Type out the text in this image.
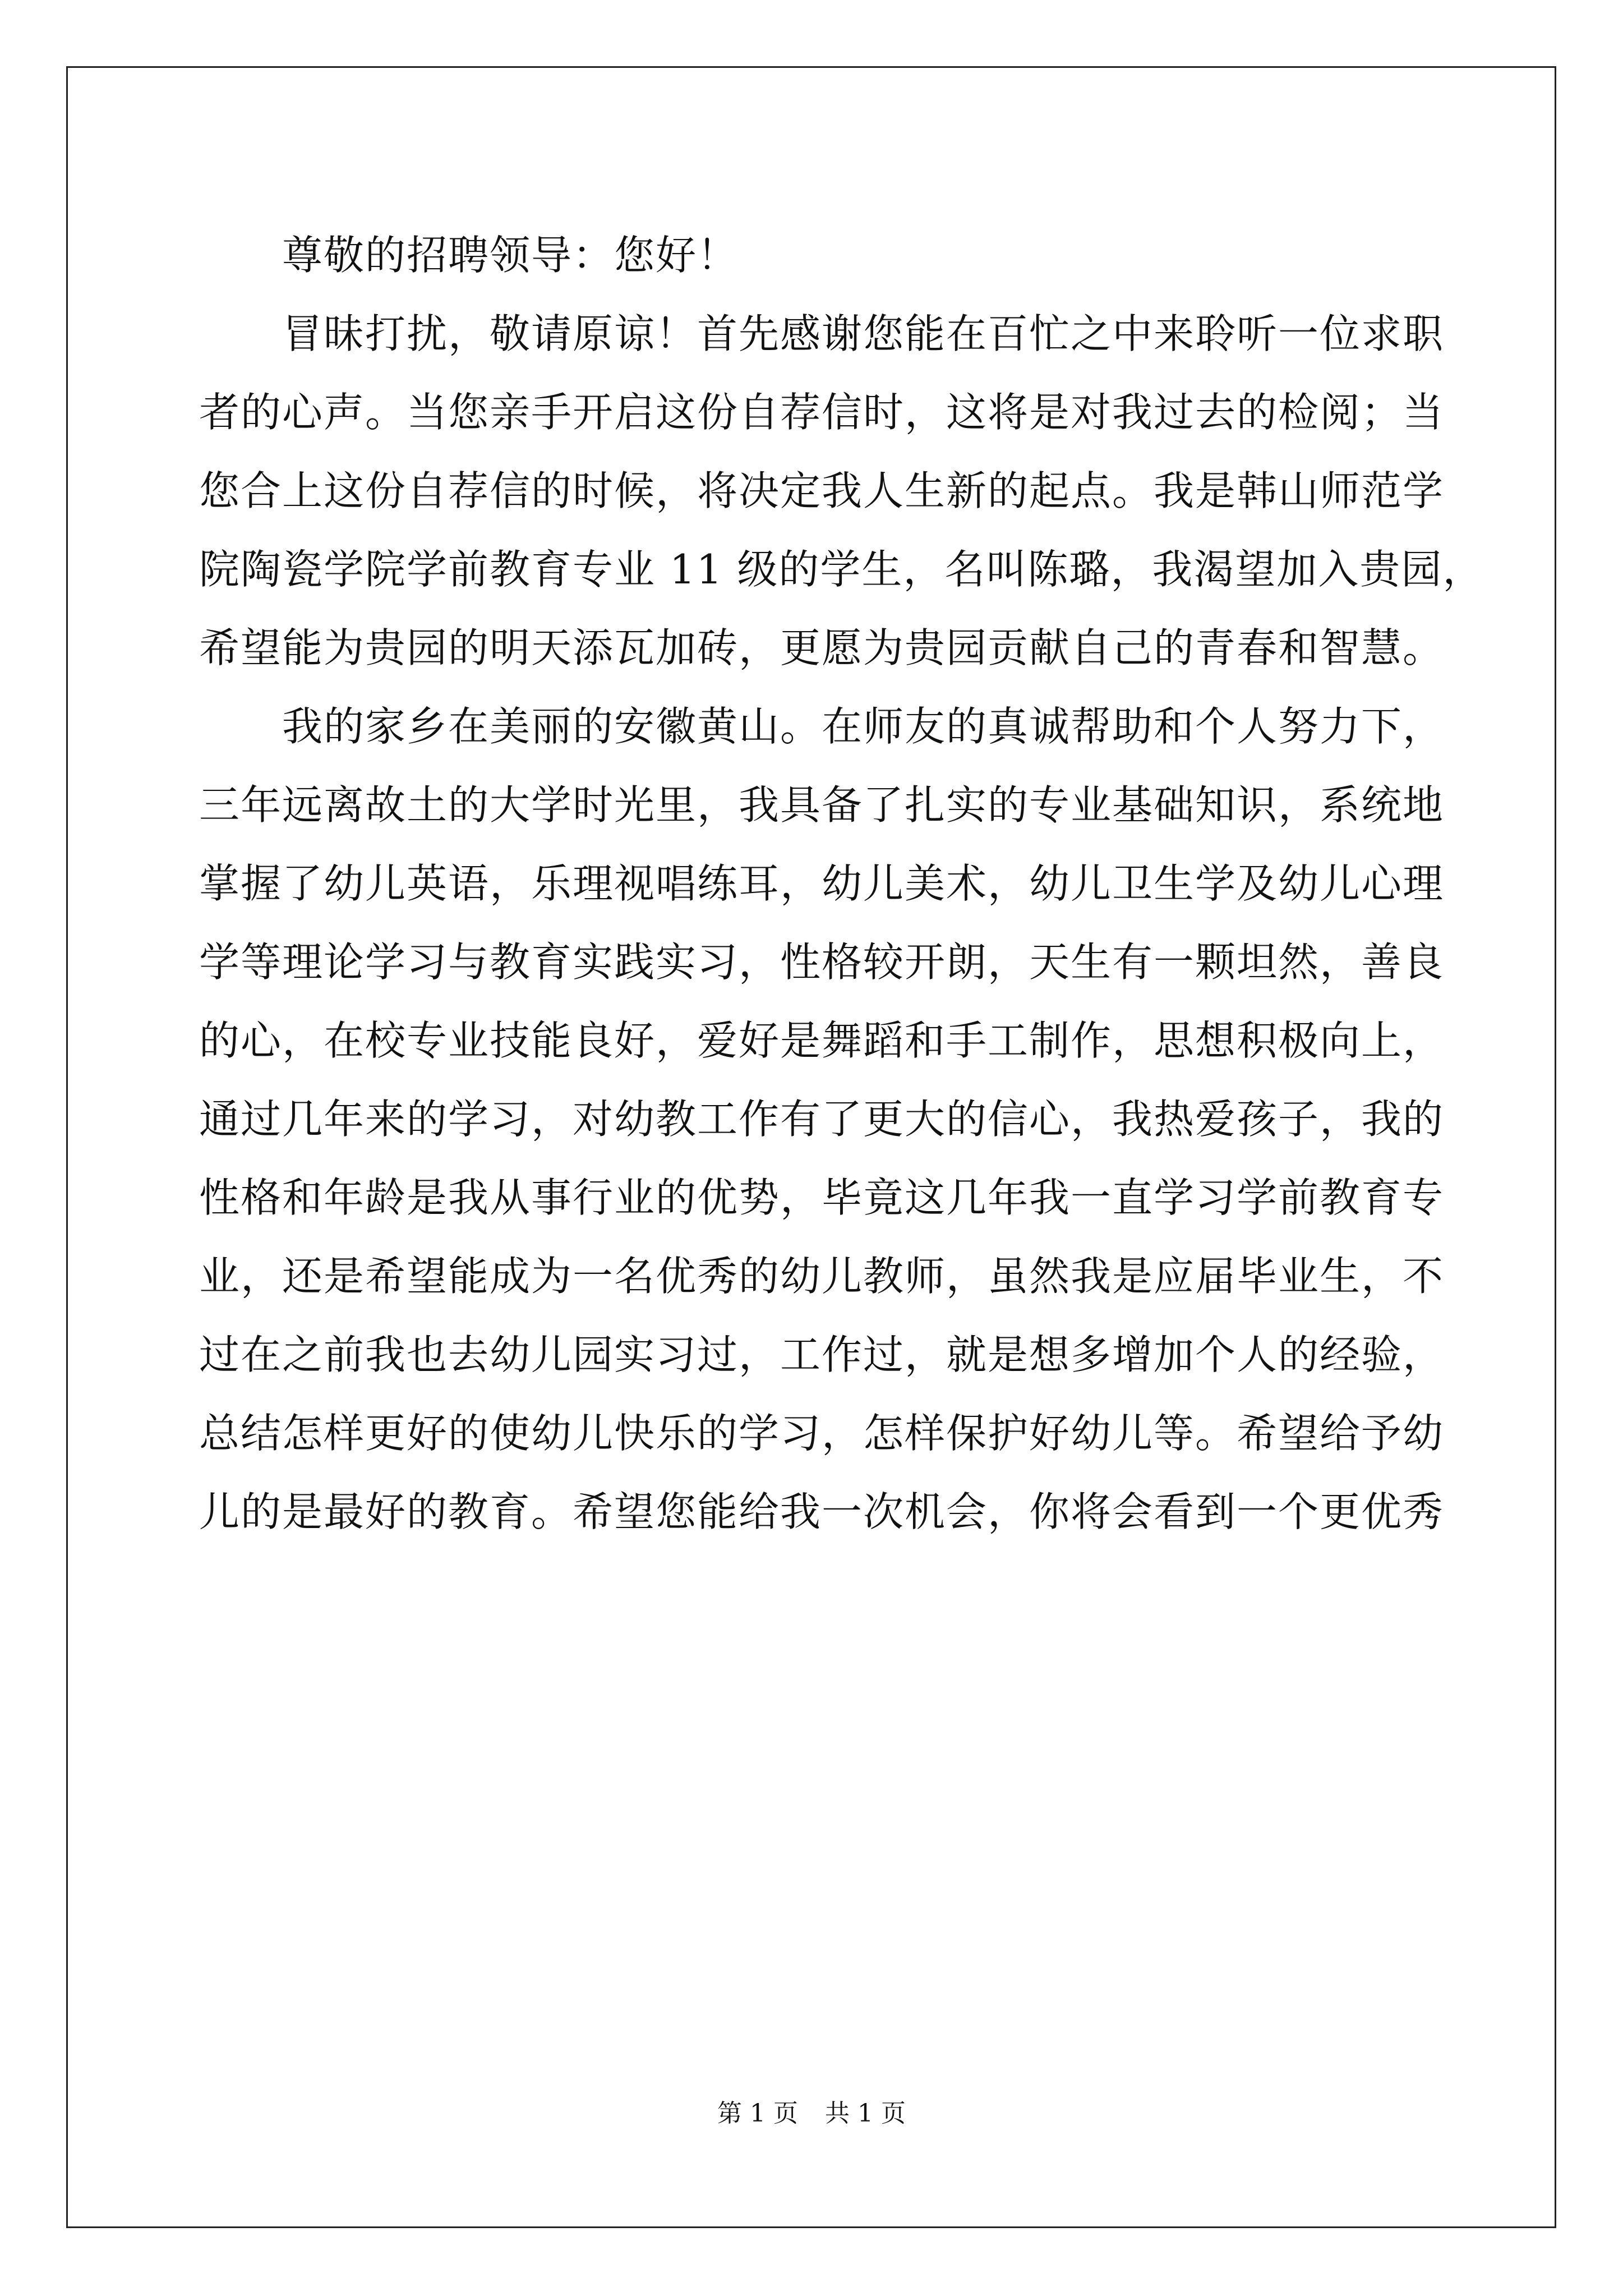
尊敬的招聘领导：您好！
冒昧打扰，敬请原谅！首先感谢您能在百忙之中来聆听一位求职
者的心声。当您亲手开启这份自荐信时，这将是对我过去的检阅；当
您合上这份自荐信的时候，将决定我人生新的起点。我是韩山师范学
院陶瓷学院学前教育专业 11 级的学生，名叫陈璐，我渴望加入贵园，
希望能为贵园的明天添瓦加砖，更愿为贵园贡献自己的青春和智慧。
我的家乡在美丽的安徽黄山。在师友的真诚帮助和个人努力下，
三年远离故土的大学时光里，我具备了扎实的专业基础知识，系统地
掌握了幼儿英语，乐理视唱练耳，幼儿美术，幼儿卫生学及幼儿心理
学等理论学习与教育实践实习，性格较开朗，天生有一颗坦然，善良
的心，在校专业技能良好，爱好是舞蹈和手工制作，思想积极向上，
通过几年来的学习，对幼教工作有了更大的信心，我热爱孩子，我的
性格和年龄是我从事行业的优势，毕竟这几年我一直学习学前教育专
业，还是希望能成为一名优秀的幼儿教师，虽然我是应届毕业生，不
过在之前我也去幼儿园实习过，工作过，就是想多增加个人的经验，
总结怎样更好的使幼儿快乐的学习，怎样保护好幼儿等。希望给予幼
儿的是最好的教育。希望您能给我一次机会，你将会看到一个更优秀
第 1 页 共 1 页
